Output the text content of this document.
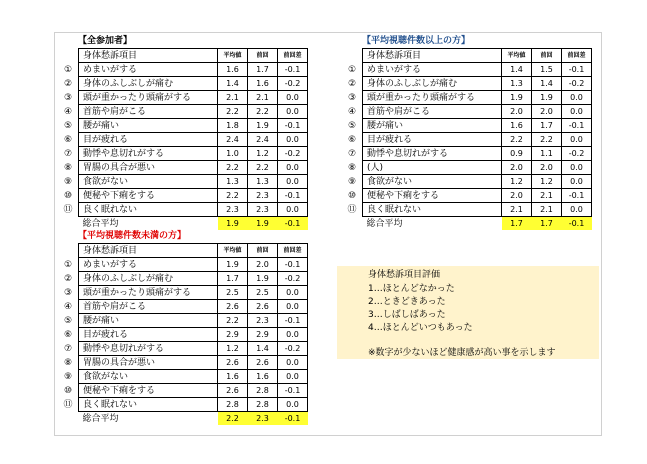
【全参加者】
	身体愁訴項目	平均値	前回	前回差
①	めまいがする	1.6	1.7	-0.1
②	身体のふしぶしが痛む	1.4	1.6	-0.2
③	頭が重かったり頭痛がする	2.1	2.1	0.0
④	首筋や肩がこる	2.2	2.2	0.0
⑤	腰が痛い	1.8	1.9	-0.1
⑥	目が疲れる	2.4	2.4	0.0
⑦	動悸や息切れがする	1.0	1.2	-0.2
⑧	胃腸の具合が悪い	2.2	2.2	0.0
⑨	食欲がない	1.3	1.3	0.0
⑩	便秘や下痢をする	2.2	2.3	-0.1
⑪	良く眠れない	2.3	2.3	0.0
	総合平均	1.9	1.9	-0.1
【平均視聴件数以上の方】
	身体愁訴項目	平均値	前回	前回差
①	めまいがする	1.4	1.5	-0.1
②	身体のふしぶしが痛む	1.3	1.4	-0.2
③	頭が重かったり頭痛がする	1.9	1.9	0.0
④	首筋や肩がこる	2.0	2.0	0.0
⑤	腰が痛い	1.6	1.7	-0.1
⑥	目が疲れる	2.2	2.2	0.0
⑦	動悸や息切れがする	0.9	1.1	-0.2
⑧	(人)	2.0	2.0	0.0
⑨	食欲がない	1.2	1.2	0.0
⑩	便秘や下痢をする	2.0	2.1	-0.1
⑪	良く眠れない	2.1	2.1	0.0
	総合平均	1.7	1.7	-0.1
【平均視聴件数未満の方】
	身体愁訴項目	平均値	前回	前回差
①	めまいがする	1.9	2.0	-0.1
②	身体のふしぶしが痛む	1.7	1.9	-0.2
③	頭が重かったり頭痛がする	2.5	2.5	0.0
④	首筋や肩がこる	2.6	2.6	0.0
⑤	腰が痛い	2.2	2.3	-0.1
⑥	目が疲れる	2.9	2.9	0.0
⑦	動悸や息切れがする	1.2	1.4	-0.2
⑧	胃腸の具合が悪い	2.6	2.6	0.0
⑨	食欲がない	1.6	1.6	0.0
⑩	便秘や下痢をする	2.6	2.8	-0.1
⑪	良く眠れない	2.8	2.8	0.0
	総合平均	2.2	2.3	-0.1
身体愁訴項目評価
1…ほとんどなかった
2…ときどきあった
3…しばしばあった
4…ほとんどいつもあった
※数字が少ないほど健康感が高い事を示します
